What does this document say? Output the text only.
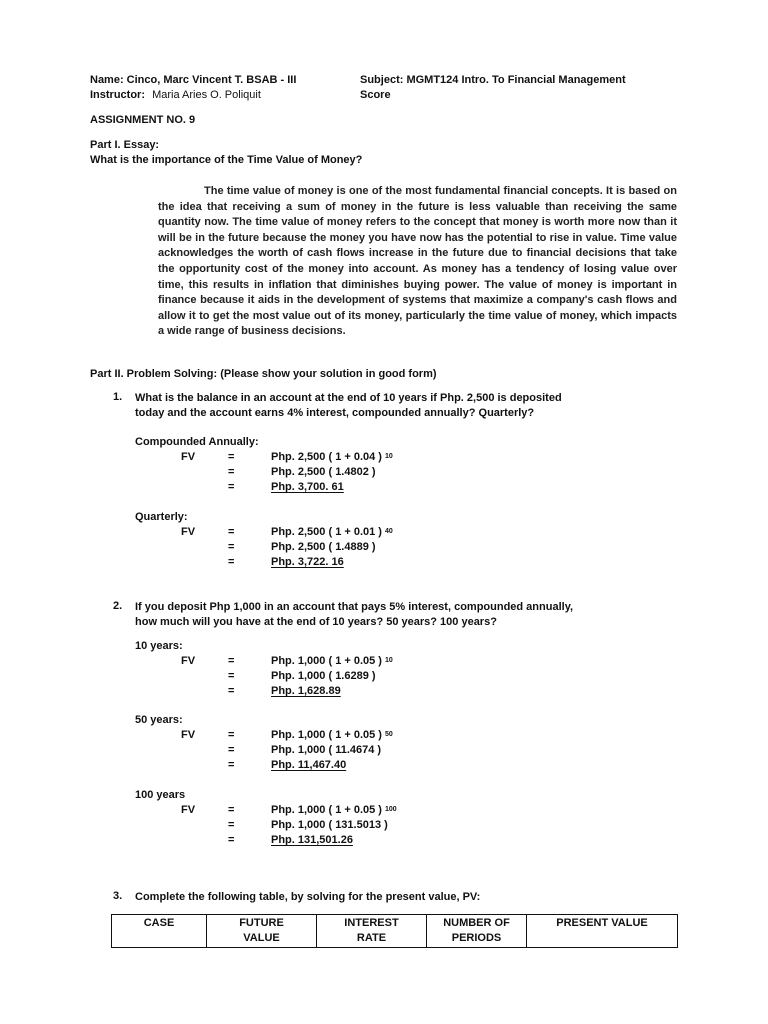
Name: Cinco, Marc Vincent T. BSAB - III
Instructor: Maria Aries O. Poliquit
Subject: MGMT124 Intro. To Financial Management
Score
ASSIGNMENT NO. 9
Part I. Essay:
What is the importance of the Time Value of Money?
The time value of money is one of the most fundamental financial concepts. It is based on the idea that receiving a sum of money in the future is less valuable than receiving the same quantity now. The time value of money refers to the concept that money is worth more now than it will be in the future because the money you have now has the potential to rise in value. Time value acknowledges the worth of cash flows increase in the future due to financial decisions that take the opportunity cost of the money into account. As money has a tendency of losing value over time, this results in inflation that diminishes buying power. The value of money is important in finance because it aids in the development of systems that maximize a company's cash flows and allow it to get the most value out of its money, particularly the time value of money, which impacts a wide range of business decisions.
Part II. Problem Solving: (Please show your solution in good form)
1. What is the balance in an account at the end of 10 years if Php. 2,500 is deposited
today and the account earns 4% interest, compounded annually? Quarterly?
Compounded Annually:
FV	=	Php. 2,500 ( 1 + 0.04 ) $^{10}$
=	Php. 2,500 ( 1.4802 )
=	Php. 3,700. 61
Quarterly:
FV	=	Php. 2,500 ( 1 + 0.01 ) $^{40}$
=	Php. 2,500 ( 1.4889 )
=	Php. 3,722. 16
2. If you deposit Php 1,000 in an account that pays 5% interest, compounded annually,
how much will you have at the end of 10 years? 50 years? 100 years?
10 years:
FV	=	Php. 1,000 ( 1 + 0.05 ) $^{10}$
=	Php. 1,000 ( 1.6289 )
=	Php. 1,628.89
50 years:
FV	=	Php. 1,000 ( 1 + 0.05 ) $^{50}$
=	Php. 1,000 ( 11.4674 )
=	Php. 11,467.40
100 years
FV	=	Php. 1,000 ( 1 + 0.05 ) $^{100}$
=	Php. 1,000 ( 131.5013 )
=	Php. 131,501.26
3. Complete the following table, by solving for the present value, PV:
CASE	FUTURE
VALUE

INTEREST
RATE

NUMBER OF
PERIODS

PRESENT VALUE
